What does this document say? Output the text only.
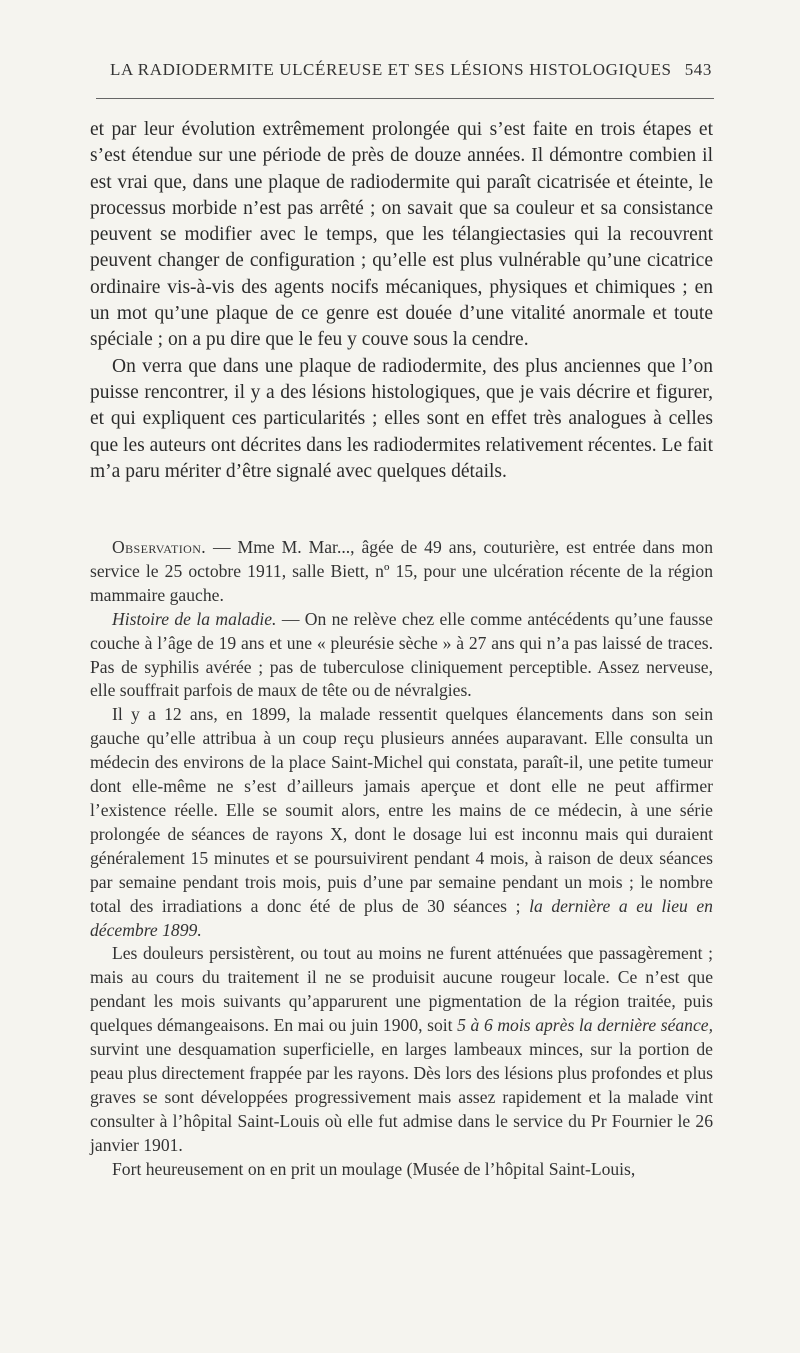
LA RADIODERMITE ULCÉREUSE ET SES LÉSIONS HISTOLOGIQUES 543

et par leur évolution extrêmement prolongée qui s’est faite en trois étapes et s’est étendue sur une période de près de douze années. Il démontre combien il est vrai que, dans une plaque de radiodermite qui paraît cicatrisée et éteinte, le processus morbide n’est pas arrêté ; on savait que sa couleur et sa consistance peuvent se modifier avec le temps, que les télangiectasies qui la recouvrent peuvent changer de configuration ; qu’elle est plus vulnérable qu’une cicatrice ordinaire vis-à-vis des agents nocifs mécaniques, physiques et chimiques ; en un mot qu’une plaque de ce genre est douée d’une vitalité anormale et toute spéciale ; on a pu dire que le feu y couve sous la cendre.

On verra que dans une plaque de radiodermite, des plus anciennes que l’on puisse rencontrer, il y a des lésions histologiques, que je vais décrire et figurer, et qui expliquent ces particularités ; elles sont en effet très analogues à celles que les auteurs ont décrites dans les radiodermites relativement récentes. Le fait m’a paru mériter d’être signalé avec quelques détails.

Observation. — Mme M. Mar..., âgée de 49 ans, couturière, est entrée dans mon service le 25 octobre 1911, salle Biett, nº 15, pour une ulcération récente de la région mammaire gauche.

Histoire de la maladie. — On ne relève chez elle comme antécédents qu’une fausse couche à l’âge de 19 ans et une « pleurésie sèche » à 27 ans qui n’a pas laissé de traces. Pas de syphilis avérée ; pas de tuberculose cliniquement perceptible. Assez nerveuse, elle souffrait parfois de maux de tête ou de névralgies.

Il y a 12 ans, en 1899, la malade ressentit quelques élancements dans son sein gauche qu’elle attribua à un coup reçu plusieurs années auparavant. Elle consulta un médecin des environs de la place Saint-Michel qui constata, paraît-il, une petite tumeur dont elle-même ne s’est d’ailleurs jamais aperçue et dont elle ne peut affirmer l’existence réelle. Elle se soumit alors, entre les mains de ce médecin, à une série prolongée de séances de rayons X, dont le dosage lui est inconnu mais qui duraient généralement 15 minutes et se poursuivirent pendant 4 mois, à raison de deux séances par semaine pendant trois mois, puis d’une par semaine pendant un mois ; le nombre total des irradiations a donc été de plus de 30 séances ; la dernière a eu lieu en décembre 1899.

Les douleurs persistèrent, ou tout au moins ne furent atténuées que passagèrement ; mais au cours du traitement il ne se produisit aucune rougeur locale. Ce n’est que pendant les mois suivants qu’apparurent une pigmentation de la région traitée, puis quelques démangeaisons. En mai ou juin 1900, soit 5 à 6 mois après la dernière séance, survint une desquamation superficielle, en larges lambeaux minces, sur la portion de peau plus directement frappée par les rayons. Dès lors des lésions plus profondes et plus graves se sont développées progressivement mais assez rapidement et la malade vint consulter à l’hôpital Saint-Louis où elle fut admise dans le service du Pr Fournier le 26 janvier 1901.

Fort heureusement on en prit un moulage (Musée de l’hôpital Saint-Louis,
